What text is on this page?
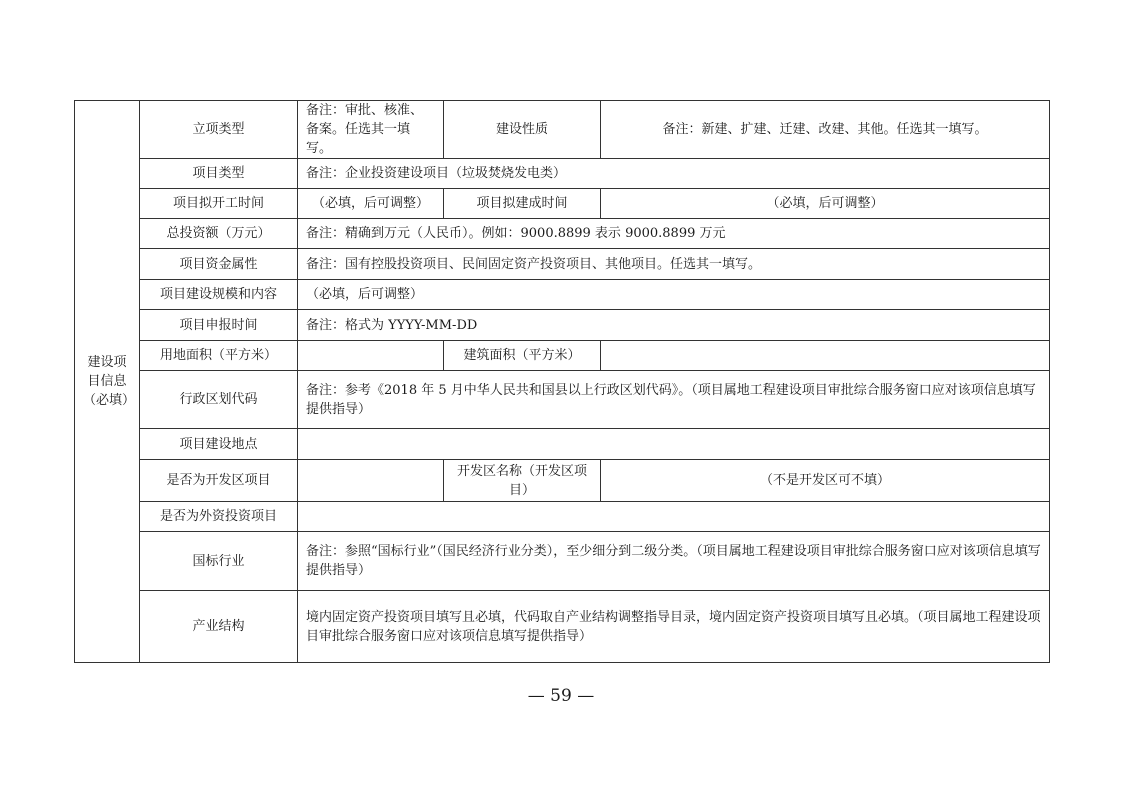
建设项目信息（必填）	立项类型	备注：审批、核准、备案。任选其一填写。	建设性质	备注：新建、扩建、迁建、改建、其他。任选其一填写。
	项目类型	备注：企业投资建设项目（垃圾焚烧发电类）		
	项目拟开工时间	（必填，后可调整）	项目拟建成时间	（必填，后可调整）
	总投资额（万元）	备注：精确到万元（人民币）。例如：9000.8899 表示 9000.8899 万元		
	项目资金属性	备注：国有控股投资项目、民间固定资产投资项目、其他项目。任选其一填写。		
	项目建设规模和内容	（必填，后可调整）		
	项目申报时间	备注：格式为 YYYY-MM-DD		
	用地面积（平方米）		建筑面积（平方米）	
	行政区划代码	备注：参考《2018 年 5 月中华人民共和国县以上行政区划代码》。（项目属地工程建设项目审批综合服务窗口应对该项信息填写提供指导）		
	项目建设地点			
	是否为开发区项目		开发区名称（开发区项目）	（不是开发区可不填）
	是否为外资投资项目			
	国标行业	备注：参照“国标行业”（国民经济行业分类），至少细分到二级分类。（项目属地工程建设项目审批综合服务窗口应对该项信息填写提供指导）		
	产业结构	境内固定资产投资项目填写且必填，代码取自产业结构调整指导目录，境内固定资产投资项目填写且必填。（项目属地工程建设项目审批综合服务窗口应对该项信息填写提供指导）		
— 59 —
